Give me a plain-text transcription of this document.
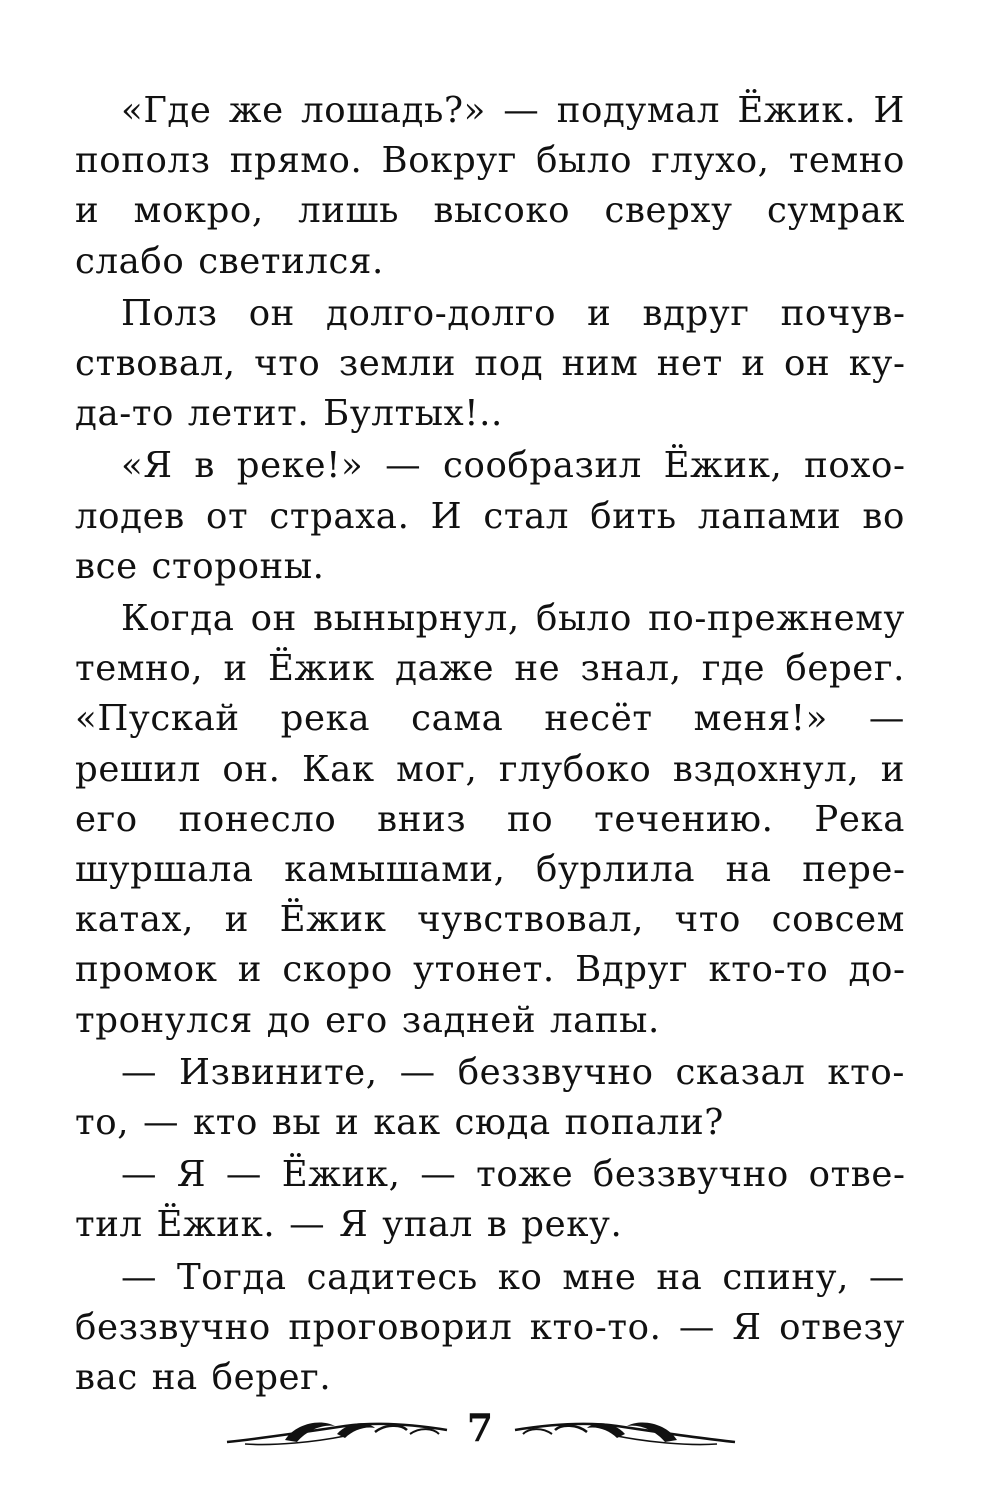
«Где же лошадь?» — подумал Ёжик. И пополз прямо. Вокруг было глухо, темно и мокро, лишь высоко сверху сумрак слабо светился.

Полз он долго-долго и вдруг почувствовал, что земли под ним нет и он куда-то летит. Бултых!..

«Я в реке!» — сообразил Ёжик, похолодев от страха. И стал бить лапами во все стороны.

Когда он вынырнул, было по-прежнему темно, и Ёжик даже не знал, где берег. «Пускай река сама несёт меня!» — решил он. Как мог, глубоко вздохнул, и его понесло вниз по течению. Река шуршала камышами, бурлила на перекатах, и Ёжик чувствовал, что совсем промок и скоро утонет. Вдруг кто-то дотронулся до его задней лапы.

— Извините, — беззвучно сказал кто-то, — кто вы и как сюда попали?

— Я — Ёжик, — тоже беззвучно ответил Ёжик. — Я упал в реку.

— Тогда садитесь ко мне на спину, — беззвучно проговорил кто-то. — Я отвезу вас на берег.

7
